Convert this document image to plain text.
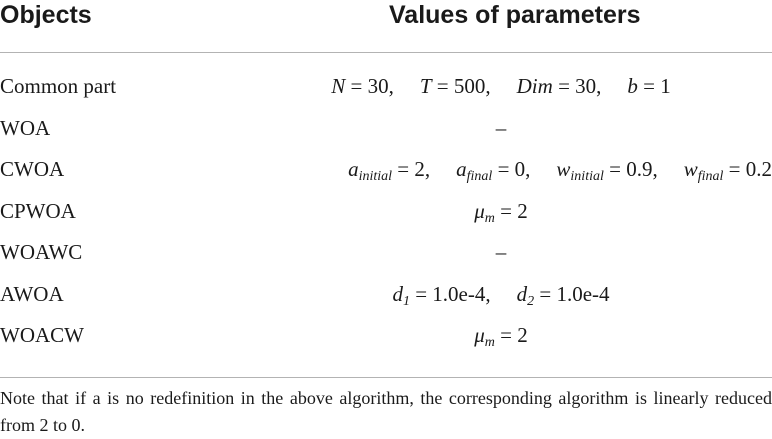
Objects	Values of parameters
Common part	N = 30, T = 500, Dim = 30, b = 1
WOA	–
CWOA	$a_{initial} = 2$, $a_{final} = 0$, $w_{initial} = 0.9$, $w_{final} = 0.2$
CPWOA	$\mu_m = 2$
WOAWC	–
AWOA	$d_1 = 1.0e-4$, $d_2 = 1.0e-4$
WOACW	$\mu_m = 2$
Note that if a is no redefinition in the above algorithm, the corresponding algorithm is linearly reduced from 2 to 0.
